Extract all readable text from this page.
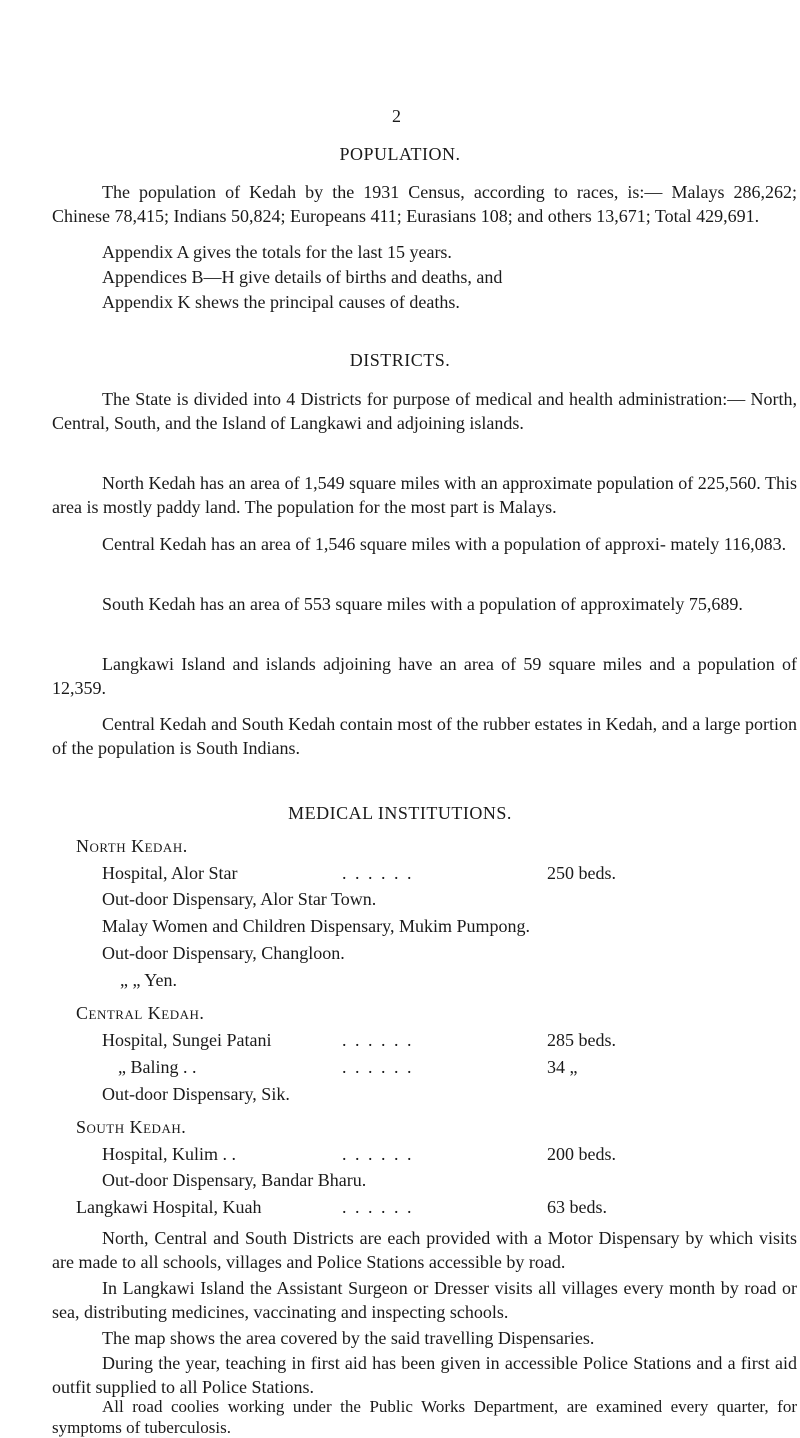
2
POPULATION.
The population of Kedah by the 1931 Census, according to races, is:— Malays 286,262; Chinese 78,415; Indians 50,824; Europeans 411; Eurasians 108; and others 13,671; Total 429,691.
Appendix A gives the totals for the last 15 years.
Appendices B—H give details of births and deaths, and
Appendix K shews the principal causes of deaths.
DISTRICTS.
The State is divided into 4 Districts for purpose of medical and health administration:— North, Central, South, and the Island of Langkawi and adjoining islands.
North Kedah has an area of 1,549 square miles with an approximate population of 225,560. This area is mostly paddy land. The population for the most part is Malays.
Central Kedah has an area of 1,546 square miles with a population of approxi- mately 116,083.
South Kedah has an area of 553 square miles with a population of approximately 75,689.
Langkawi Island and islands adjoining have an area of 59 square miles and a population of 12,359.
Central Kedah and South Kedah contain most of the rubber estates in Kedah, and a large portion of the population is South Indians.
MEDICAL INSTITUTIONS.
North Kedah.
Hospital, Alor Star	. . . . . .	250 beds.
Out-door Dispensary, Alor Star Town.
Malay Women and Children Dispensary, Mukim Pumpong.
Out-door Dispensary, Changloon.
„ „ Yen.
Central Kedah.
Hospital, Sungei Patani	. . . . . .	285 beds.
„ Baling . .	. . . . . .	34 „
Out-door Dispensary, Sik.
South Kedah.
Hospital, Kulim . .	. . . . . .	200 beds.
Out-door Dispensary, Bandar Bharu.
Langkawi Hospital, Kuah	. . . . . .	63 beds.
North, Central and South Districts are each provided with a Motor Dispensary by which visits are made to all schools, villages and Police Stations accessible by road.
In Langkawi Island the Assistant Surgeon or Dresser visits all villages every month by road or sea, distributing medicines, vaccinating and inspecting schools.
The map shows the area covered by the said travelling Dispensaries.
During the year, teaching in first aid has been given in accessible Police Stations and a first aid outfit supplied to all Police Stations.
All road coolies working under the Public Works Department, are examined every quarter, for symptoms of tuberculosis.
